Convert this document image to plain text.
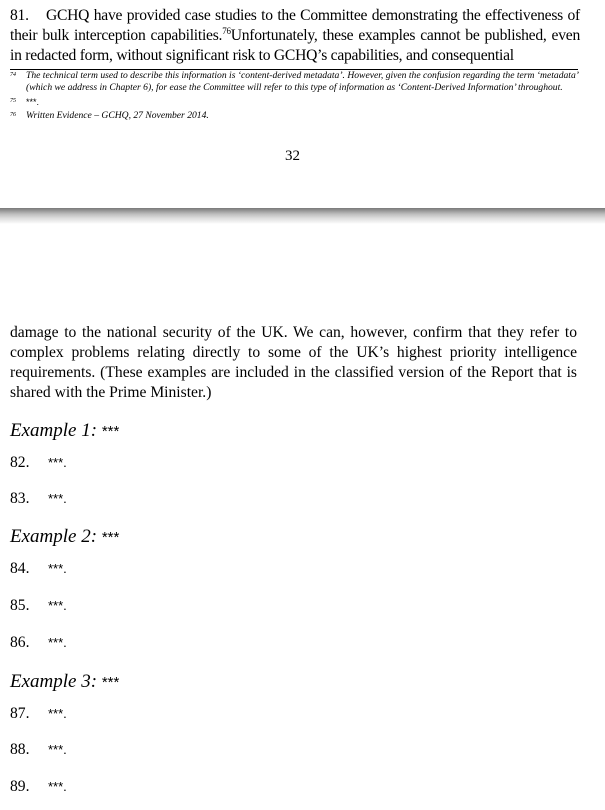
81. GCHQ have provided case studies to the Committee demonstrating the effectiveness of their bulk interception capabilities.$^{76}$Unfortunately, these examples cannot be published, even in redacted form, without significant risk to GCHQ’s capabilities, and consequential

74 The technical term used to describe this information is ‘content-derived metadata’. However, given the confusion regarding the term ‘metadata’ (which we address in Chapter 6), for ease the Committee will refer to this type of information as ‘Content-Derived Information’ throughout.
75 ***.
76 Written Evidence – GCHQ, 27 November 2014.
32

damage to the national security of the UK. We can, however, confirm that they refer to complex problems relating directly to some of the UK’s highest priority intelligence requirements. (These examples are included in the classified version of the Report that is shared with the Prime Minister.)

Example 1: ***
82. ***.
83. ***.
Example 2: ***
84. ***.
85. ***.
86. ***.
Example 3: ***
87. ***.
88. ***.
89. ***.
